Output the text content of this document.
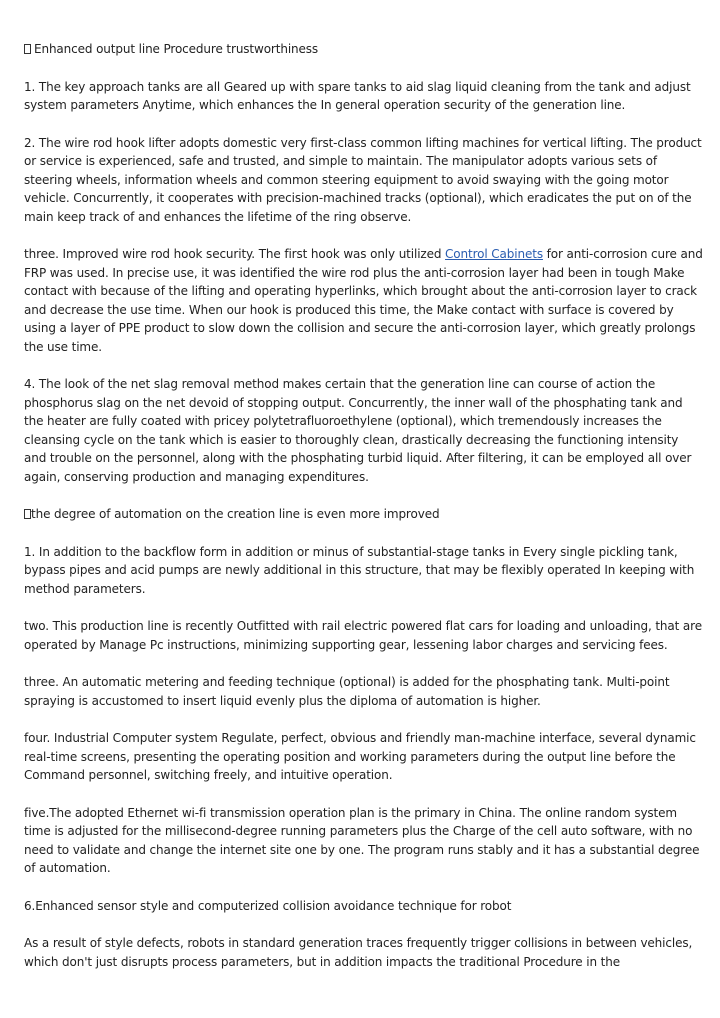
Enhanced output line Procedure trustworthiness

1. The key approach tanks are all Geared up with spare tanks to aid slag liquid cleaning from the tank and adjust system parameters Anytime, which enhances the In general operation security of the generation line.

2. The wire rod hook lifter adopts domestic very first-class common lifting machines for vertical lifting. The product or service is experienced, safe and trusted, and simple to maintain. The manipulator adopts various sets of steering wheels, information wheels and common steering equipment to avoid swaying with the going motor vehicle. Concurrently, it cooperates with precision-machined tracks (optional), which eradicates the put on of the main keep track of and enhances the lifetime of the ring observe.

three. Improved wire rod hook security. The first hook was only utilized Control Cabinets for anti-corrosion cure and FRP was used. In precise use, it was identified the wire rod plus the anti-corrosion layer had been in tough Make contact with because of the lifting and operating hyperlinks, which brought about the anti-corrosion layer to crack and decrease the use time. When our hook is produced this time, the Make contact with surface is covered by using a layer of PPE product to slow down the collision and secure the anti-corrosion layer, which greatly prolongs the use time.

4. The look of the net slag removal method makes certain that the generation line can course of action the phosphorus slag on the net devoid of stopping output. Concurrently, the inner wall of the phosphating tank and the heater are fully coated with pricey polytetrafluoroethylene (optional), which tremendously increases the cleansing cycle on the tank which is easier to thoroughly clean, drastically decreasing the functioning intensity and trouble on the personnel, along with the phosphating turbid liquid. After filtering, it can be employed all over again, conserving production and managing expenditures.

the degree of automation on the creation line is even more improved

1. In addition to the backflow form in addition or minus of substantial-stage tanks in Every single pickling tank, bypass pipes and acid pumps are newly additional in this structure, that may be flexibly operated In keeping with method parameters.

two. This production line is recently Outfitted with rail electric powered flat cars for loading and unloading, that are operated by Manage Pc instructions, minimizing supporting gear, lessening labor charges and servicing fees.

three. An automatic metering and feeding technique (optional) is added for the phosphating tank. Multi-point spraying is accustomed to insert liquid evenly plus the diploma of automation is higher.

four. Industrial Computer system Regulate, perfect, obvious and friendly man-machine interface, several dynamic real-time screens, presenting the operating position and working parameters during the output line before the Command personnel, switching freely, and intuitive operation.

five.The adopted Ethernet wi-fi transmission operation plan is the primary in China. The online random system time is adjusted for the millisecond-degree running parameters plus the Charge of the cell auto software, with no need to validate and change the internet site one by one. The program runs stably and it has a substantial degree of automation.

6.Enhanced sensor style and computerized collision avoidance technique for robot

As a result of style defects, robots in standard generation traces frequently trigger collisions in between vehicles, which don't just disrupts process parameters, but in addition impacts the traditional Procedure in the
